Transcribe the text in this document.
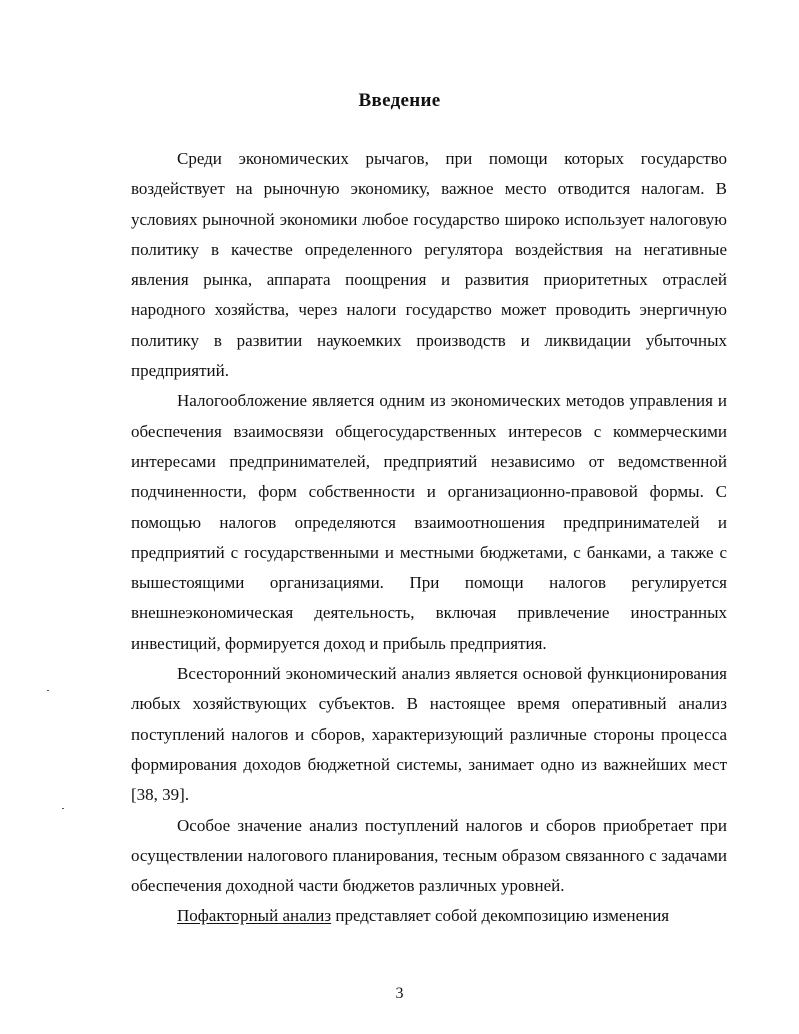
Введение

Среди экономических рычагов, при помощи которых государство воздействует на рыночную экономику, важное место отводится налогам. В условиях рыночной экономики любое государство широко использует налоговую политику в качестве определенного регулятора воздействия на негативные явления рынка, аппарата поощрения и развития приоритетных отраслей народного хозяйства, через налоги государство может проводить энергичную политику в развитии наукоемких производств и ликвидации убыточных предприятий.

Налогообложение является одним из экономических методов управления и обеспечения взаимосвязи общегосударственных интересов с коммерческими интересами предпринимателей, предприятий независимо от ведомственной подчиненности, форм собственности и организационно-правовой формы. С помощью налогов определяются взаимоотношения предпринимателей и предприятий с государственными и местными бюджетами, с банками, а также с вышестоящими организациями. При помощи налогов регулируется внешнеэкономическая деятельность, включая привлечение иностранных инвестиций, формируется доход и прибыль предприятия.

Всесторонний экономический анализ является основой функционирования любых хозяйствующих субъектов. В настоящее время оперативный анализ поступлений налогов и сборов, характеризующий различные стороны процесса формирования доходов бюджетной системы, занимает одно из важнейших мест [38, 39].

Особое значение анализ поступлений налогов и сборов приобретает при осуществлении налогового планирования, тесным образом связанного с задачами обеспечения доходной части бюджетов различных уровней.

Пофакторный анализ представляет собой декомпозицию изменения

3
